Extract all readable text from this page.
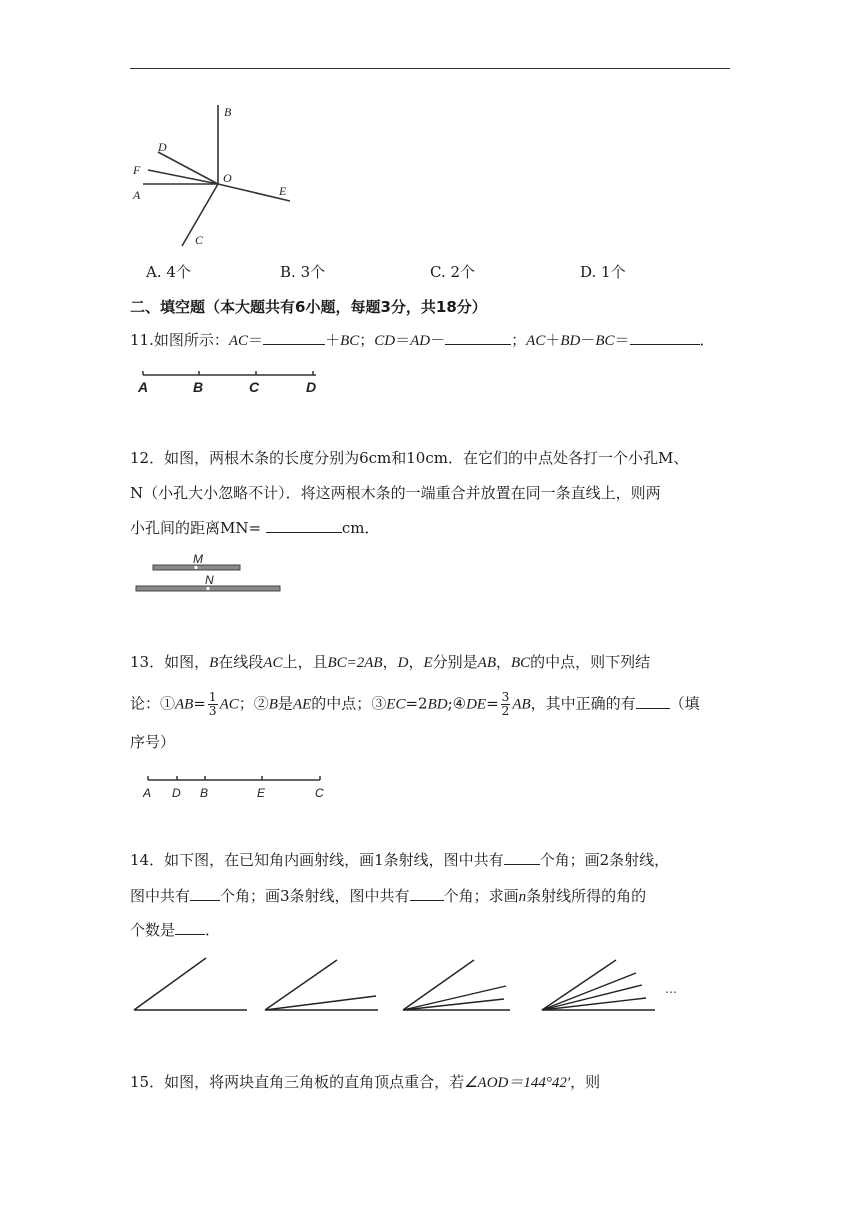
B
D
F
A
O
E
C
A. 4个	B. 3个	C. 2个	D. 1个
二、填空题（本大题共有6小题，每题3分，共18分）
11.如图所示：AC＝	＋BC；CD＝AD－	；AC＋BD－BC＝	．
A	B	C	D
12．如图，两根木条的长度分别为6cm和10cm．在它们的中点处各打一个小孔M、
N（小孔大小忽略不计）．将这两根木条的一端重合并放置在同一条直线上，则两
小孔间的距离MN=	cm．
M
N
13．如图，B在线段AC上，且BC=2AB，D，E分别是AB，BC的中点，则下列结
论：①AB= $\frac{1}{3}$ AC；②B是AE的中点；③EC=2BD;④DE= $\frac{3}{2}$ AB，其中正确的有 （填
序号）
A D B	E	C
14．如下图，在已知角内画射线，画1条射线，图中共有 个角；画2条射线，
图中共有 个角；画3条射线，图中共有 个角；求画n条射线所得的角的
个数是 ．
…
15．如图，将两块直角三角板的直角顶点重合，若∠AOD＝144°42′，则
